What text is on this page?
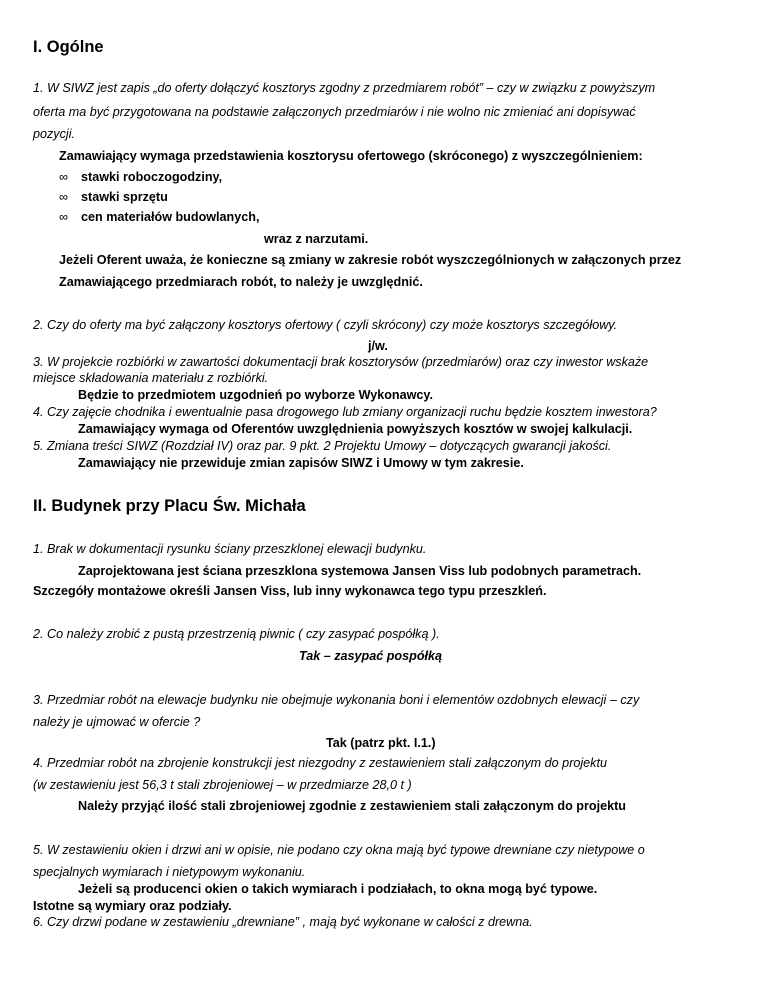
I. Ogólne
1. W SIWZ jest zapis „do oferty dołączyć kosztorys zgodny z przedmiarem robót” – czy w związku z powyższym
oferta ma być przygotowana na podstawie załączonych przedmiarów i nie wolno nic zmieniać ani dopisywać
pozycji.
Zamawiający wymaga przedstawienia kosztorysu ofertowego (skróconego) z wyszczególnieniem:
∞ stawki roboczogodziny,
∞ stawki sprzętu
∞ cen materiałów budowlanych,
wraz z narzutami.
Jeżeli Oferent uważa, że konieczne są zmiany w zakresie robót wyszczególnionych w załączonych przez
Zamawiającego przedmiarach robót, to należy je uwzględnić.
2. Czy do oferty ma być załączony kosztorys ofertowy ( czyli skrócony) czy może kosztorys szczegółowy.
j/w.
3. W projekcie rozbiórki w zawartości dokumentacji brak kosztorysów (przedmiarów) oraz czy inwestor wskaże
miejsce składowania materiału z rozbiórki.
Będzie to przedmiotem uzgodnień po wyborze Wykonawcy.
4. Czy zajęcie chodnika i ewentualnie pasa drogowego lub zmiany organizacji ruchu będzie kosztem inwestora?
Zamawiający wymaga od Oferentów uwzględnienia powyższych kosztów w swojej kalkulacji.
5. Zmiana treści SIWZ (Rozdział IV) oraz par. 9 pkt. 2 Projektu Umowy – dotyczących gwarancji jakości.
Zamawiający nie przewiduje zmian zapisów SIWZ i Umowy w tym zakresie.
II. Budynek przy Placu Św. Michała
1. Brak w dokumentacji rysunku ściany przeszklonej elewacji budynku.
Zaprojektowana jest ściana przeszklona systemowa Jansen Viss lub podobnych parametrach.
Szczegóły montażowe określi Jansen Viss, lub inny wykonawca tego typu przeszkleń.
2. Co należy zrobić z pustą przestrzenią piwnic ( czy zasypać pospółką ).
Tak – zasypać pospółką
3. Przedmiar robót na elewacje budynku nie obejmuje wykonania boni i elementów ozdobnych elewacji – czy
należy je ujmować w ofercie ?
Tak (patrz pkt. I.1.)
4. Przedmiar robót na zbrojenie konstrukcji jest niezgodny z zestawieniem stali załączonym do projektu
(w zestawieniu jest 56,3 t stali zbrojeniowej – w przedmiarze 28,0 t )
Należy przyjąć ilość stali zbrojeniowej zgodnie z zestawieniem stali załączonym do projektu
5. W zestawieniu okien i drzwi ani w opisie, nie podano czy okna mają być typowe drewniane czy nietypowe o
specjalnych wymiarach i nietypowym wykonaniu.
Jeżeli są producenci okien o takich wymiarach i podziałach, to okna mogą być typowe.
Istotne są wymiary oraz podziały.
6. Czy drzwi podane w zestawieniu „drewniane” , mają być wykonane w całości z drewna.
